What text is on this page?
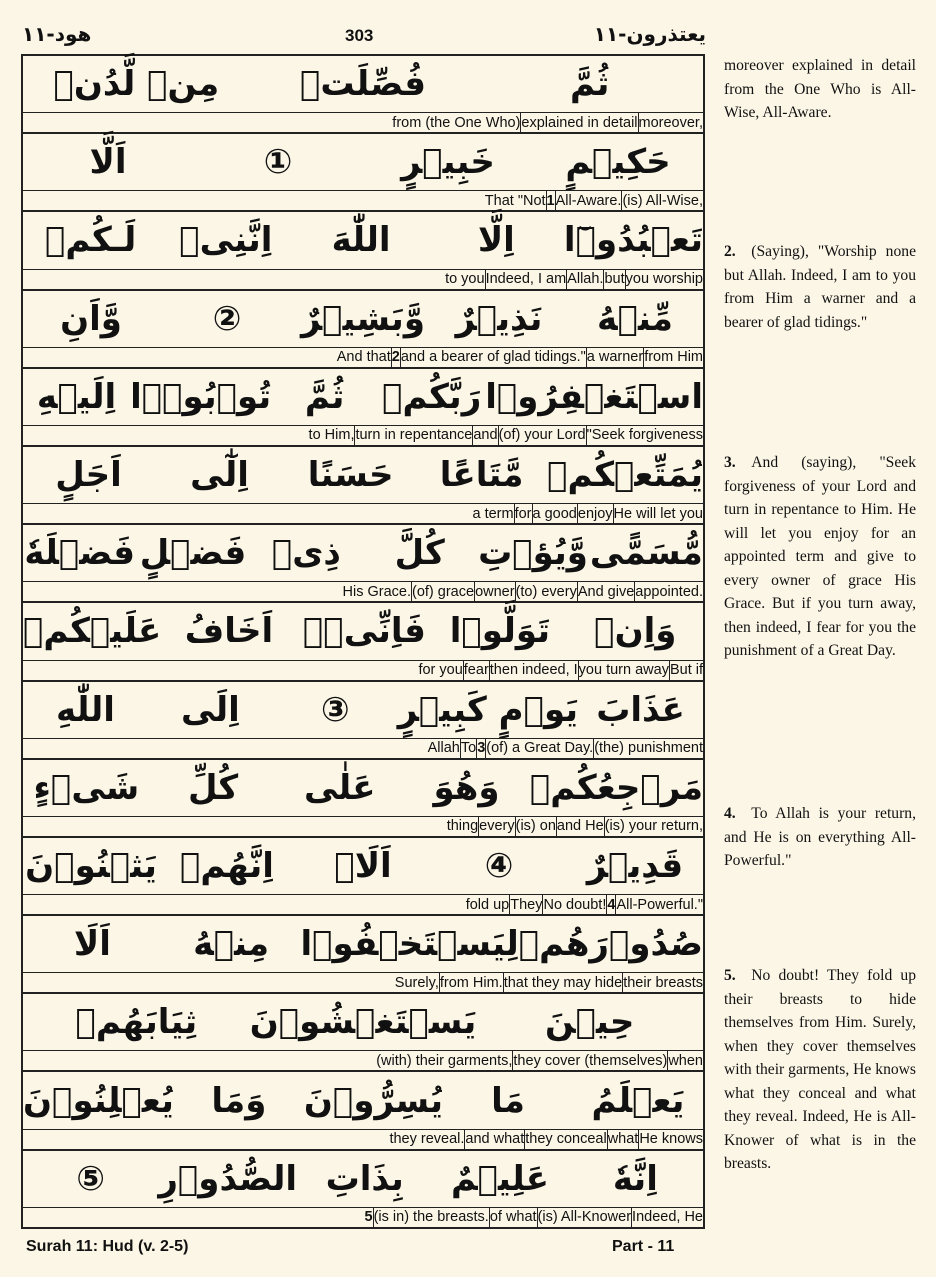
يعتذرون-١١
303
هود-١١
ثُمَّ
فُصِّلَتۡ
مِنۡ لَّدُنۡ
moreover,
explained in detail
from (the One Who)
حَكِيۡمٍ
خَبِيۡرٍ
①
اَلَّا
(is) All-Wise,
All-Aware.
1
That "Not
تَعۡبُدُوۡٓا
اِلَّا
اللّٰهَ
اِنَّنِىۡ
لَـكُمۡ
you worship
but
Allah.
Indeed, I am
to you
مِّنۡهُ
نَذِيۡرٌ
وَّبَشِيۡرٌ
②
وَّاَنِ
from Him
a warner
and a bearer of glad tidings."
2
And that
اسۡتَغۡفِرُوۡا
رَبَّكُمۡ
ثُمَّ
تُوۡبُوۡۤا
اِلَيۡهِ
"Seek forgiveness
(of) your Lord
and
turn in repentance
to Him,
يُمَتِّعۡكُمۡ
مَّتَاعًا
حَسَنًا
اِلٰٓى
اَجَلٍ
He will let you
enjoy
a good
for
a term
مُّسَمًّى
وَّيُؤۡتِ
كُلَّ
ذِىۡ
فَضۡلٍ
فَضۡلَهٗ
appointed.
And give
(to) every
owner
(of) grace
His Grace.
وَاِنۡ
تَوَلَّوۡا
فَاِنِّىۡۤ
اَخَافُ
عَلَيۡكُمۡ
But if
you turn away
then indeed, I
fear
for you
عَذَابَ
يَوۡمٍ كَبِيۡرٍ
③
اِلَى
اللّٰهِ
(the) punishment
(of) a Great Day.
3
To
Allah
مَرۡجِعُكُمۡ
وَهُوَ
عَلٰى
كُلِّ
شَىۡءٍ
(is) your return,
and He
(is) on
every
thing
قَدِيۡرٌ
④
اَلَاۤ
اِنَّهُمۡ
يَثۡنُوۡنَ
All-Powerful."
4
No doubt!
They
fold up
صُدُوۡرَهُمۡ
لِيَسۡتَخۡفُوۡا
مِنۡهُ
اَلَا
their breasts
that they may hide
from Him.
Surely,
حِيۡنَ
يَسۡتَغۡشُوۡنَ
ثِيَابَهُمۡ
when
they cover (themselves)
(with) their garments,
يَعۡلَمُ
مَا
يُسِرُّوۡنَ
وَمَا
يُعۡلِنُوۡنَ
He knows
what
they conceal
and what
they reveal.
اِنَّهٗ
عَلِيۡمٌ
بِذَاتِ
الصُّدُوۡرِ
⑤
Indeed, He
(is) All-Knower
of what
(is in) the breasts.
5
moreover explained in detail from the One Who is All-Wise, All-Aware.
2.  (Saying), "Worship none but Allah. Indeed, I am to you from Him a warner and a bearer of glad tidings."
3.  And (saying), "Seek forgiveness of your Lord and turn in repentance to Him. He will let you enjoy for an appointed term and give to every owner of grace His Grace. But if you turn away, then indeed, I fear for you the punishment of a Great Day.
4.  To Allah is your return, and He is on everything All-Powerful."
5.  No doubt! They fold up their breasts to hide themselves from Him. Surely, when they cover themselves with their garments, He knows what they conceal and what they reveal. Indeed, He is All-Knower of what is in the breasts.
Surah 11: Hud (v. 2-5)	Part - 11
